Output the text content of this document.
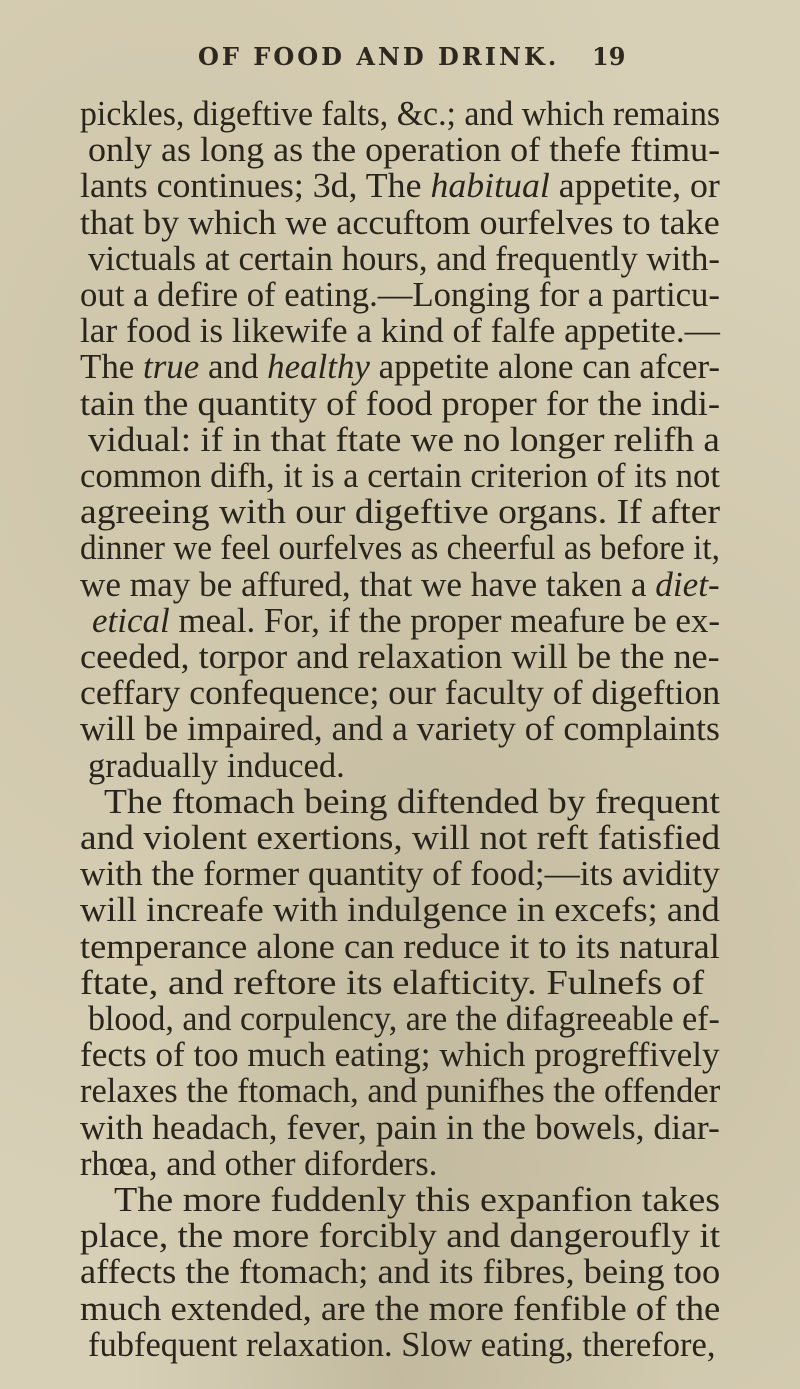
OF FOOD AND DRINK. 19
pickles, digeftive falts, &c.; and which remains
only as long as the operation of thefe ftimu-
lants continues; 3d, The habitual appetite, or
that by which we accuftom ourfelves to take
victuals at certain hours, and frequently with-
out a defire of eating.—Longing for a particu-
lar food is likewife a kind of falfe appetite.—
The true and healthy appetite alone can afcer-
tain the quantity of food proper for the indi-
vidual: if in that ftate we no longer relifh a
common difh, it is a certain criterion of its not
agreeing with our digeftive organs. If after
dinner we feel ourfelves as cheerful as before it,
we may be affured, that we have taken a diet-
etical meal. For, if the proper meafure be ex-
ceeded, torpor and relaxation will be the ne-
ceffary confequence; our faculty of digeftion
will be impaired, and a variety of complaints
gradually induced.
The ftomach being diftended by frequent
and violent exertions, will not reft fatisfied
with the former quantity of food;—its avidity
will increafe with indulgence in excefs; and
temperance alone can reduce it to its natural
ftate, and reftore its elafticity. Fulnefs of
blood, and corpulency, are the difagreeable ef-
fects of too much eating; which progreffively
relaxes the ftomach, and punifhes the offender
with headach, fever, pain in the bowels, diar-
rhœa, and other diforders.
The more fuddenly this expanfion takes
place, the more forcibly and dangeroufly it
affects the ftomach; and its fibres, being too
much extended, are the more fenfible of the
fubfequent relaxation. Slow eating, therefore,
